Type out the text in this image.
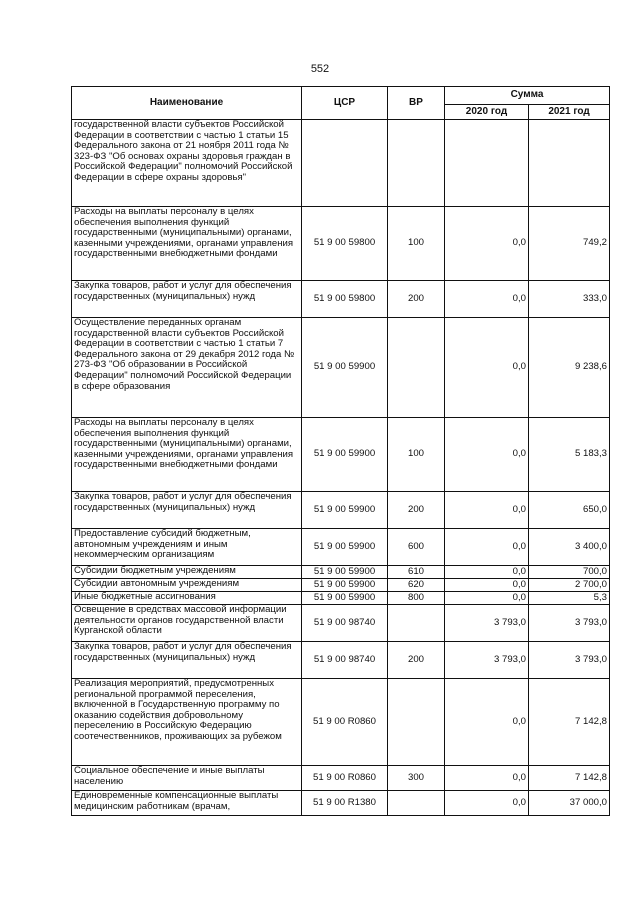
552
Наименование	ЦСР	ВР	Сумма	
			2020 год	2021 год
государственной власти субъектов Российской Федерации в соответствии с частью 1 статьи 15 Федерального закона от 21 ноября 2011 года № 323-ФЗ "Об основах охраны здоровья граждан в Российской Федерации" полномочий Российской Федерации в сфере охраны здоровья"				
Расходы на выплаты персоналу в целях обеспечения выполнения функций государственными (муниципальными) органами, казенными учреждениями, органами управления государственными внебюджетными фондами	51 9 00 59800	100	0,0	749,2
Закупка товаров, работ и услуг для обеспечения государственных (муниципальных) нужд	51 9 00 59800	200	0,0	333,0
Осуществление переданных органам государственной власти субъектов Российской Федерации в соответствии с частью 1 статьи 7 Федерального закона от 29 декабря 2012 года № 273-ФЗ "Об образовании в Российской Федерации" полномочий Российской Федерации в сфере образования	51 9 00 59900		0,0	9 238,6
Расходы на выплаты персоналу в целях обеспечения выполнения функций государственными (муниципальными) органами, казенными учреждениями, органами управления государственными внебюджетными фондами	51 9 00 59900	100	0,0	5 183,3
Закупка товаров, работ и услуг для обеспечения государственных (муниципальных) нужд	51 9 00 59900	200	0,0	650,0
Предоставление субсидий бюджетным, автономным учреждениям и иным некоммерческим организациям	51 9 00 59900	600	0,0	3 400,0
Субсидии бюджетным учреждениям	51 9 00 59900	610	0,0	700,0
Субсидии автономным учреждениям	51 9 00 59900	620	0,0	2 700,0
Иные бюджетные ассигнования	51 9 00 59900	800	0,0	5,3
Освещение в средствах массовой информации деятельности органов государственной власти Курганской области	51 9 00 98740		3 793,0	3 793,0
Закупка товаров, работ и услуг для обеспечения государственных (муниципальных) нужд	51 9 00 98740	200	3 793,0	3 793,0
Реализация мероприятий, предусмотренных региональной программой переселения, включенной в Государственную программу по оказанию содействия добровольному переселению в Российскую Федерацию соотечественников, проживающих за рубежом	51 9 00 R0860		0,0	7 142,8
Социальное обеспечение и иные выплаты населению	51 9 00 R0860	300	0,0	7 142,8
Единовременные компенсационные выплаты медицинским работникам (врачам,	51 9 00 R1380		0,0	37 000,0
